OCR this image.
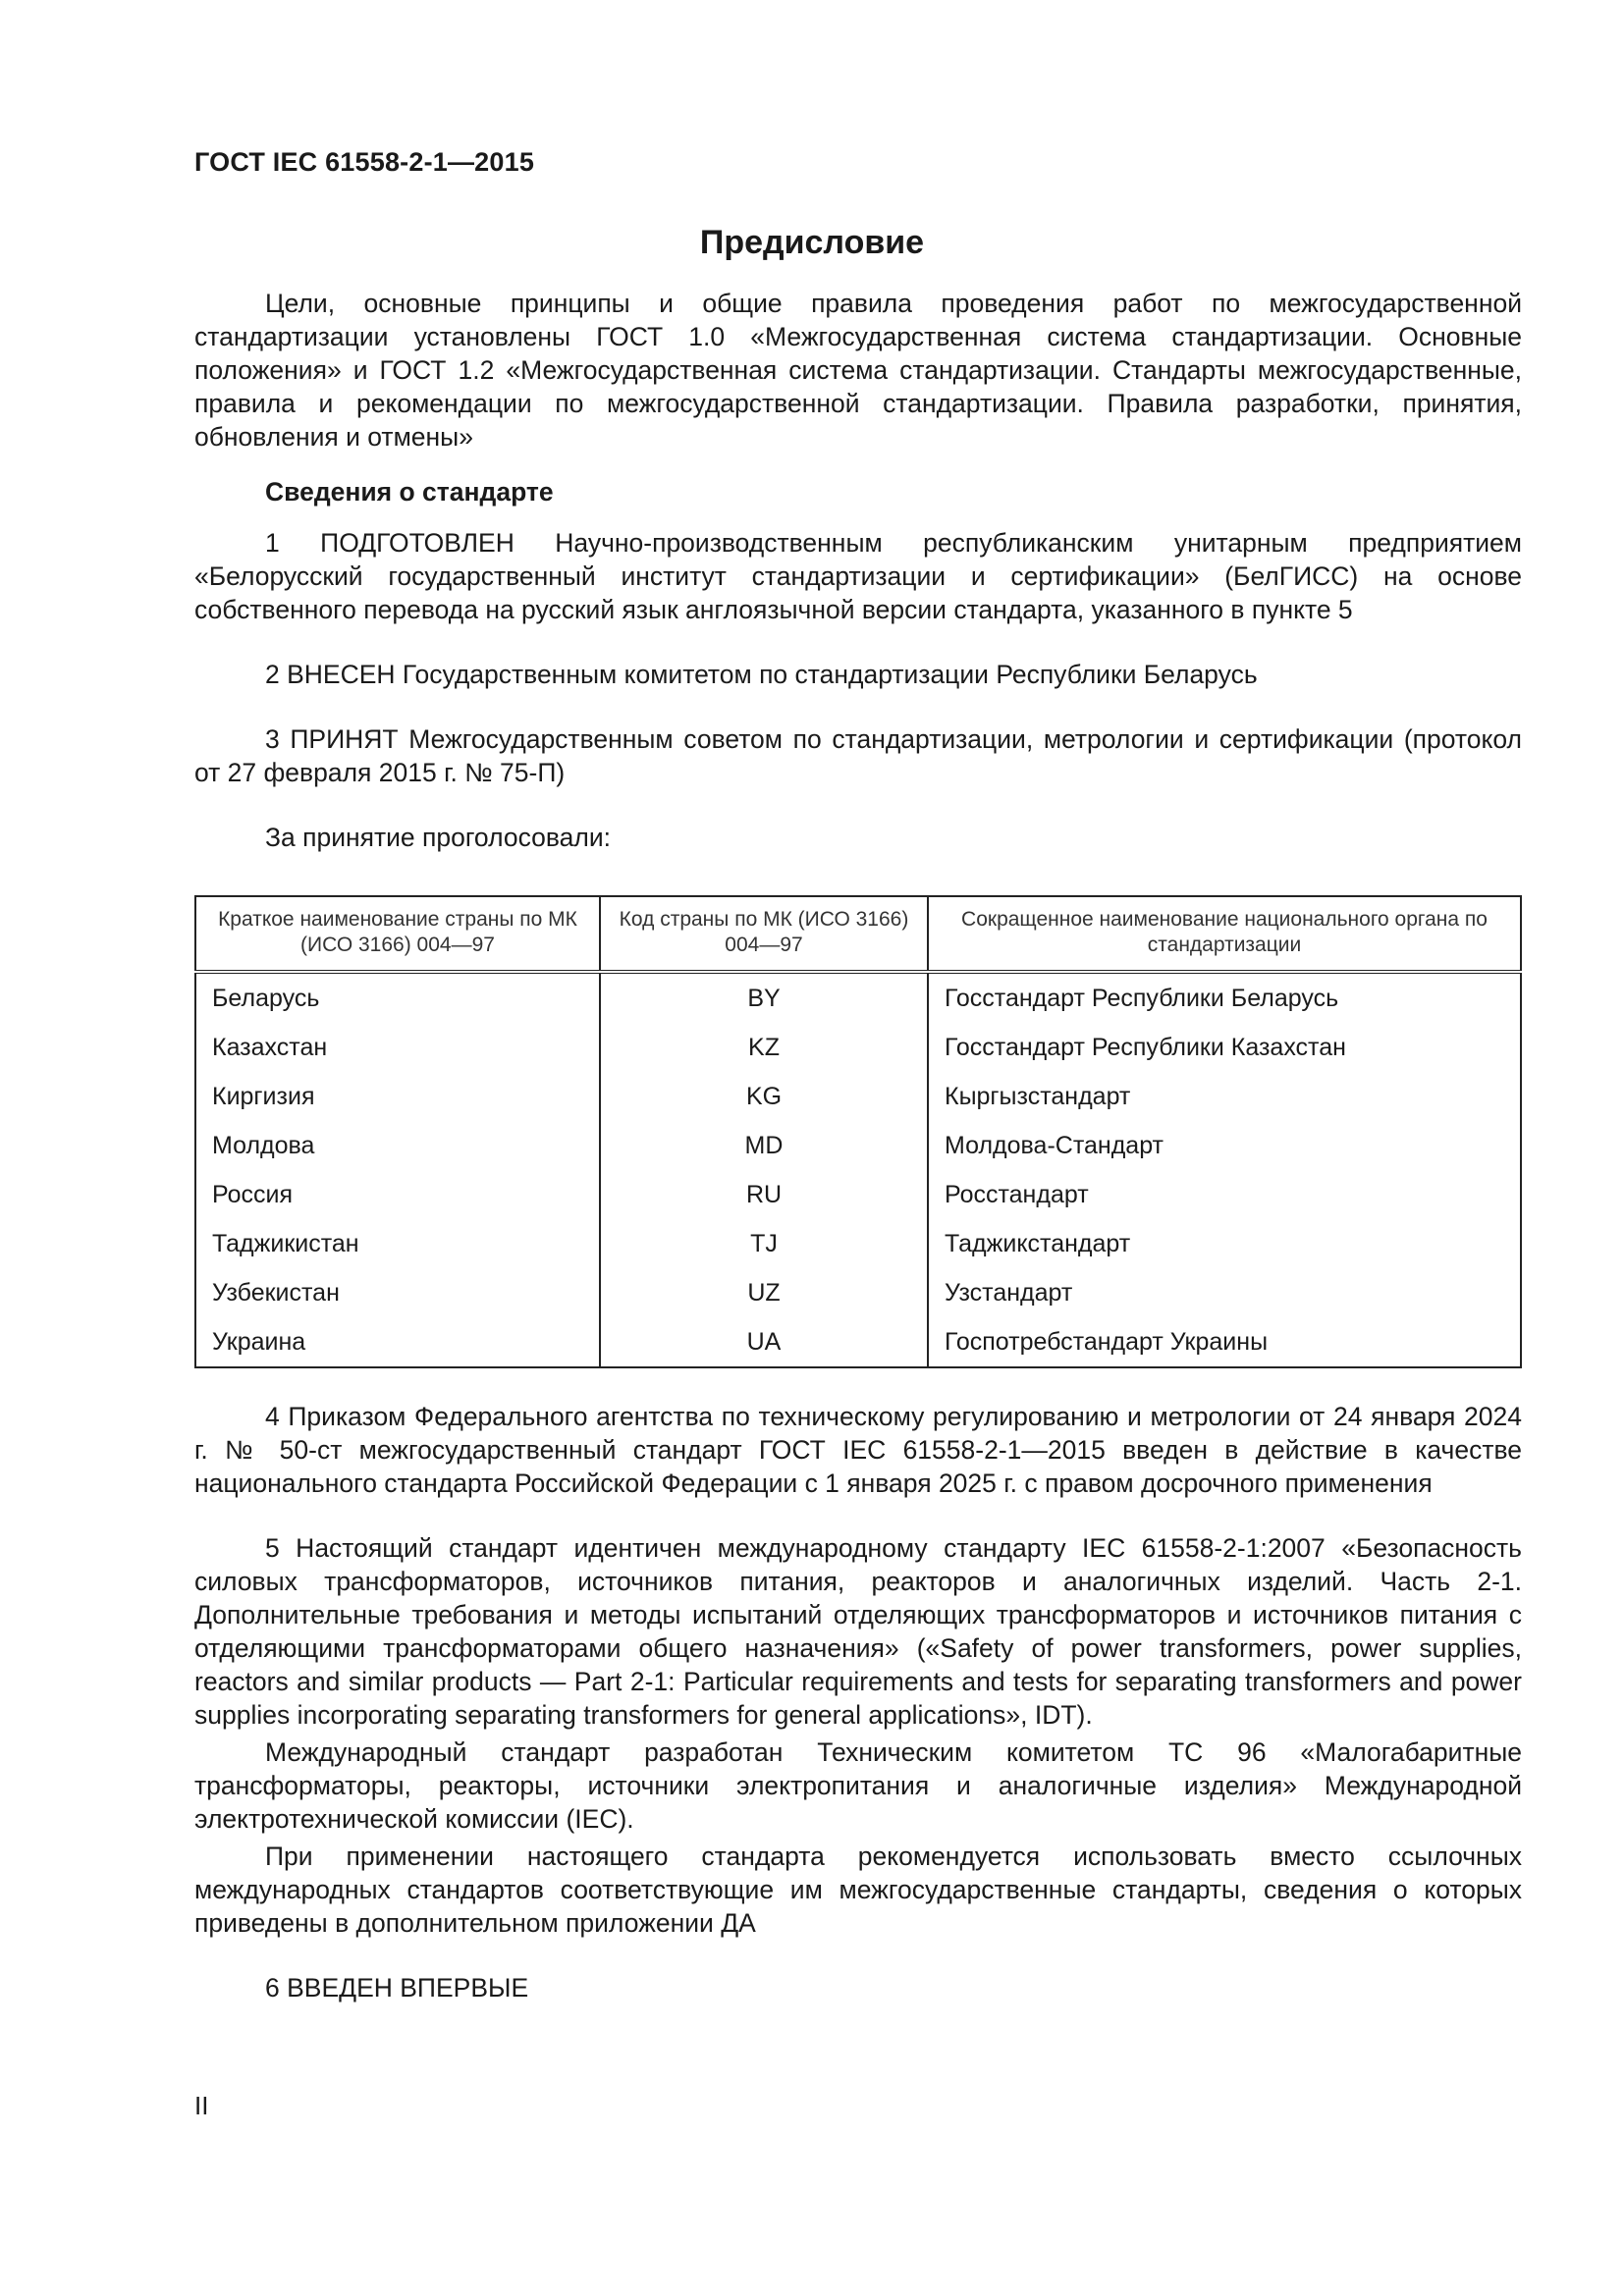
ГОСТ IEC 61558-2-1—2015
Предисловие

Цели, основные принципы и общие правила проведения работ по межгосударственной стандартизации установлены ГОСТ 1.0 «Межгосударственная система стандартизации. Основные положения» и ГОСТ 1.2 «Межгосударственная система стандартизации. Стандарты межгосударственные, правила и рекомендации по межгосударственной стандартизации. Правила разработки, принятия, обновления и отмены»

Сведения о стандарте

1 ПОДГОТОВЛЕН Научно-производственным республиканским унитарным предприятием «Белорусский государственный институт стандартизации и сертификации» (БелГИСС) на основе собственного перевода на русский язык англоязычной версии стандарта, указанного в пункте 5

2 ВНЕСЕН Государственным комитетом по стандартизации Республики Беларусь

3 ПРИНЯТ Межгосударственным советом по стандартизации, метрологии и сертификации (протокол от 27 февраля 2015 г. № 75-П)

За принятие проголосовали:

Краткое наименование страны по МК (ИСО 3166) 004—97	Код страны по МК (ИСО 3166) 004—97	Сокращенное наименование национального органа по стандартизации
Беларусь	BY	Госстандарт Республики Беларусь
Казахстан	KZ	Госстандарт Республики Казахстан
Киргизия	KG	Кыргызстандарт
Молдова	MD	Молдова-Стандарт
Россия	RU	Росстандарт
Таджикистан	TJ	Таджикстандарт
Узбекистан	UZ	Узстандарт
Украина	UA	Госпотребстандарт Украины

4 Приказом Федерального агентства по техническому регулированию и метрологии от 24 января 2024 г. № 50-ст межгосударственный стандарт ГОСТ IEC 61558-2-1—2015 введен в действие в качестве национального стандарта Российской Федерации с 1 января 2025 г. с правом досрочного применения

5 Настоящий стандарт идентичен международному стандарту IEC 61558-2-1:2007 «Безопасность силовых трансформаторов, источников питания, реакторов и аналогичных изделий. Часть 2-1. Дополнительные требования и методы испытаний отделяющих трансформаторов и источников питания с отделяющими трансформаторами общего назначения» («Safety of power transformers, power supplies, reactors and similar products — Part 2-1: Particular requirements and tests for separating transformers and power supplies incorporating separating transformers for general applications», IDT).

Международный стандарт разработан Техническим комитетом ТС 96 «Малогабаритные трансформаторы, реакторы, источники электропитания и аналогичные изделия» Международной электротехнической комиссии (IEC).

При применении настоящего стандарта рекомендуется использовать вместо ссылочных международных стандартов соответствующие им межгосударственные стандарты, сведения о которых приведены в дополнительном приложении ДА

6 ВВЕДЕН ВПЕРВЫЕ

II
